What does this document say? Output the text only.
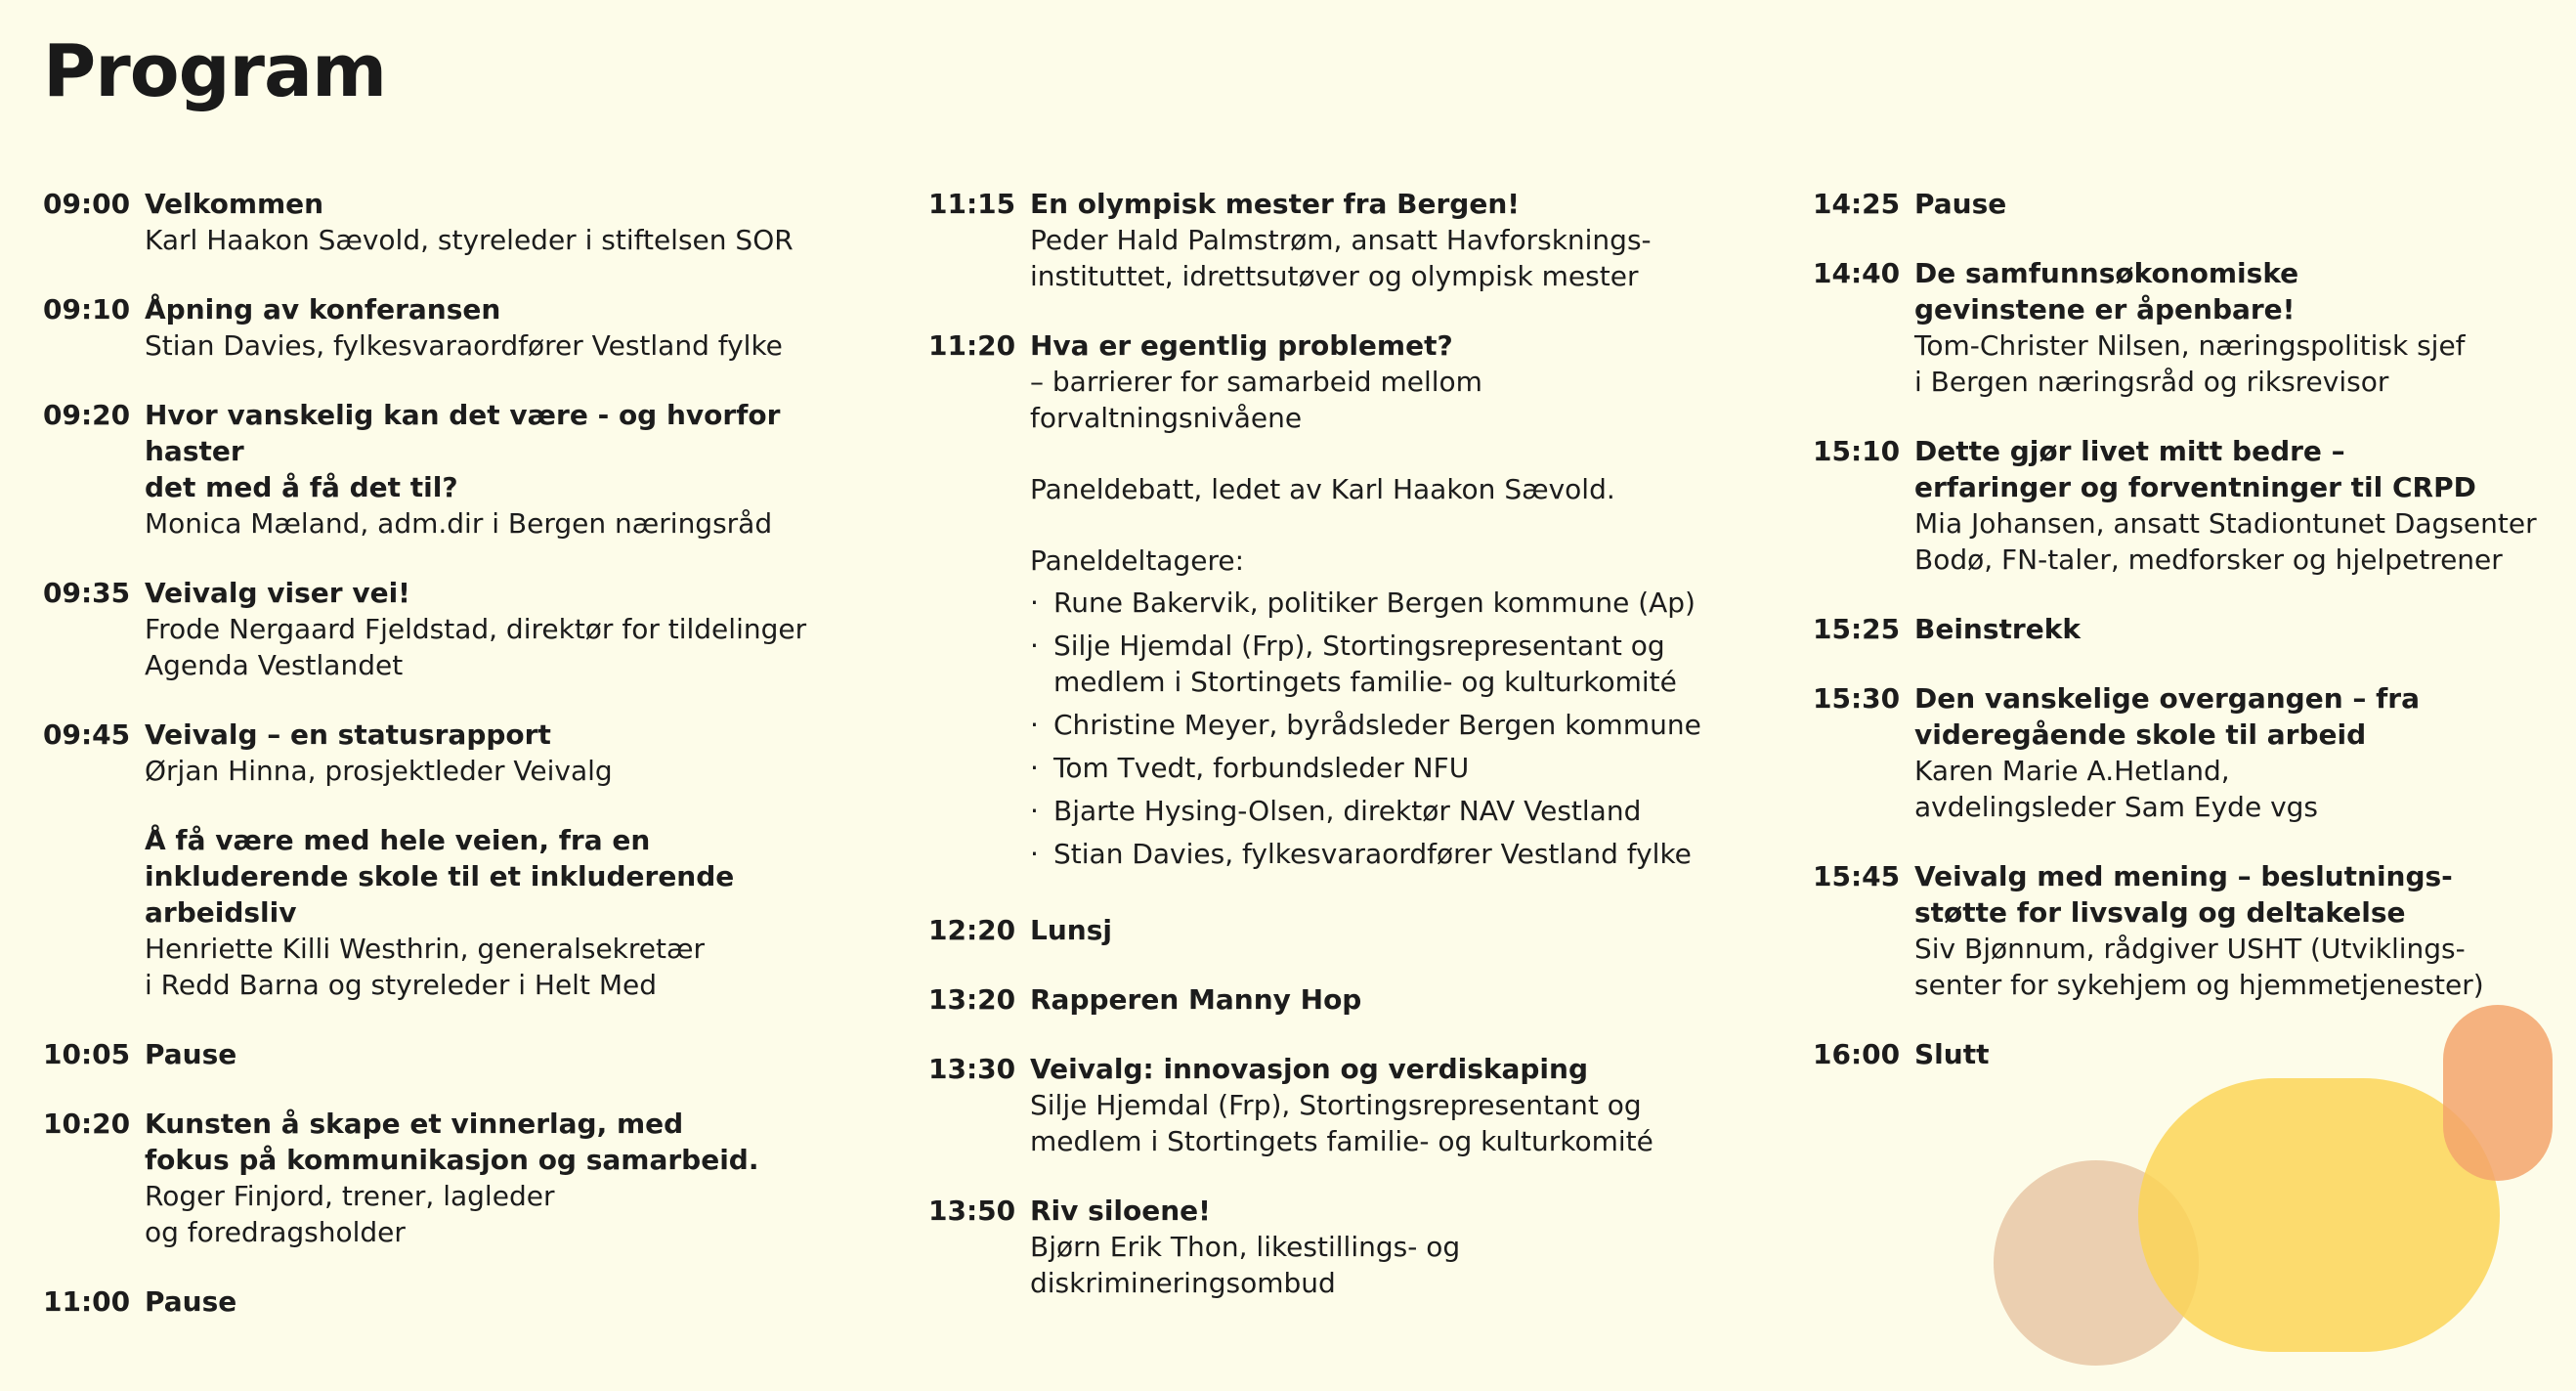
Program
09:00 Velkommen
Karl Haakon Sævold, styreleder i stiftelsen SOR
09:10 Åpning av konferansen
Stian Davies, fylkesvaraordfører Vestland fylke
09:20 Hvor vanskelig kan det være - og hvorfor haster
det med å få det til?
Monica Mæland, adm.dir i Bergen næringsråd
09:35 Veivalg viser vei!
Frode Nergaard Fjeldstad, direktør for tildelinger
Agenda Vestlandet
09:45 Veivalg – en statusrapport
Ørjan Hinna, prosjektleder Veivalg
Å få være med hele veien, fra en
inkluderende skole til et inkluderende arbeidsliv
Henriette Killi Westhrin, generalsekretær
i Redd Barna og styreleder i Helt Med
10:05 Pause
10:20 Kunsten å skape et vinnerlag, med
fokus på kommunikasjon og samarbeid.
Roger Finjord, trener, lagleder
og foredragsholder
11:00 Pause
11:15 En olympisk mester fra Bergen!
Peder Hald Palmstrøm, ansatt Havforsknings-
instituttet, idrettsutøver og olympisk mester
11:20 Hva er egentlig problemet?
– barrierer for samarbeid mellom
forvaltningsnivåene
Paneldebatt, ledet av Karl Haakon Sævold.
Paneldeltagere:
· Rune Bakervik, politiker Bergen kommune (Ap)
· Silje Hjemdal (Frp), Stortingsrepresentant og
medlem i Stortingets familie- og kulturkomité
· Christine Meyer, byrådsleder Bergen kommune
· Tom Tvedt, forbundsleder NFU
· Bjarte Hysing-Olsen, direktør NAV Vestland
· Stian Davies, fylkesvaraordfører Vestland fylke
12:20 Lunsj
13:20 Rapperen Manny Hop
13:30 Veivalg: innovasjon og verdiskaping
Silje Hjemdal (Frp), Stortingsrepresentant og
medlem i Stortingets familie- og kulturkomité
13:50 Riv siloene!
Bjørn Erik Thon, likestillings- og
diskrimineringsombud
14:25 Pause
14:40 De samfunnsøkonomiske
gevinstene er åpenbare!
Tom-Christer Nilsen, næringspolitisk sjef
i Bergen næringsråd og riksrevisor
15:10 Dette gjør livet mitt bedre –
erfaringer og forventninger til CRPD
Mia Johansen, ansatt Stadiontunet Dagsenter
Bodø, FN-taler, medforsker og hjelpetrener
15:25 Beinstrekk
15:30 Den vanskelige overgangen – fra
videregående skole til arbeid
Karen Marie A.Hetland,
avdelingsleder Sam Eyde vgs
15:45 Veivalg med mening – beslutnings-
støtte for livsvalg og deltakelse
Siv Bjønnum, rådgiver USHT (Utviklings-
senter for sykehjem og hjemmetjenester)
16:00 Slutt
